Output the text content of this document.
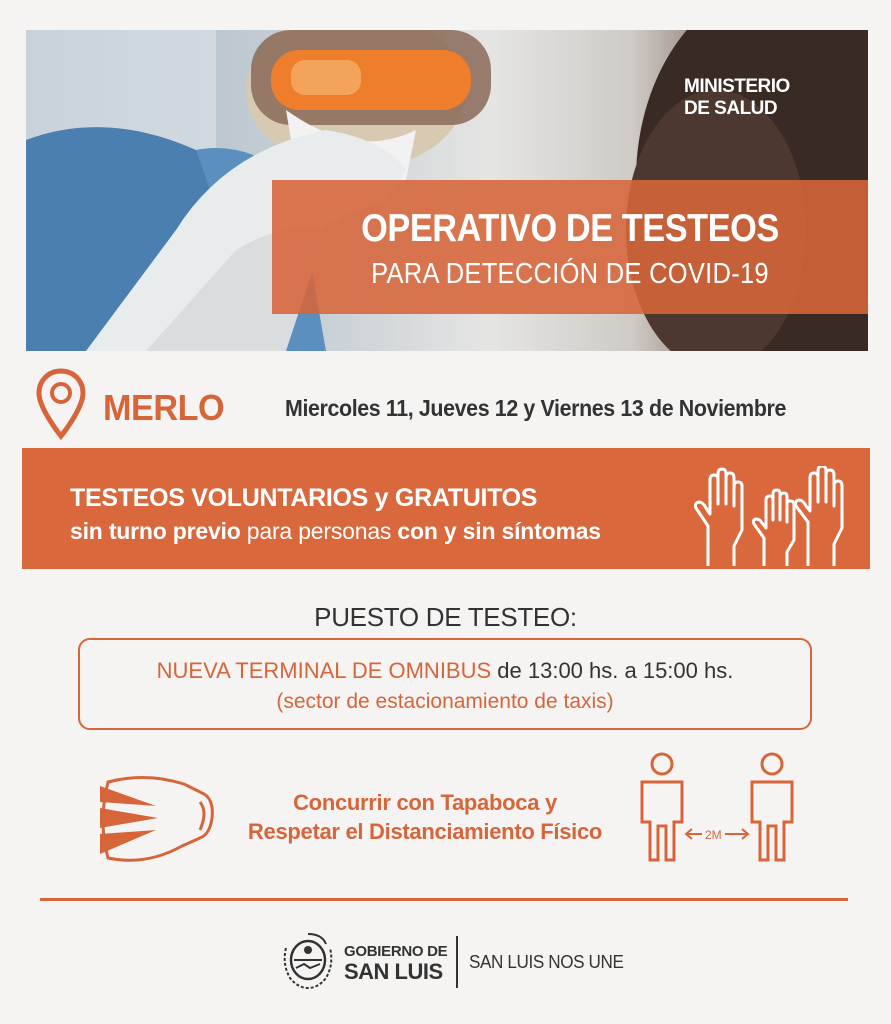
MINISTERIO DE SALUD
OPERATIVO DE TESTEOS
PARA DETECCIÓN DE COVID-19
MERLO	Miercoles 11, Jueves 12 y Viernes 13 de Noviembre
TESTEOS VOLUNTARIOS y GRATUITOS
sin turno previo para personas con y sin síntomas
PUESTO DE TESTEO:
NUEVA TERMINAL DE OMNIBUS de 13:00 hs. a 15:00 hs.
(sector de estacionamiento de taxis)
Concurrir con Tapaboca y
Respetar el Distanciamiento Físico	2M
GOBIERNO DE
SAN LUIS SAN LUIS NOS UNE
